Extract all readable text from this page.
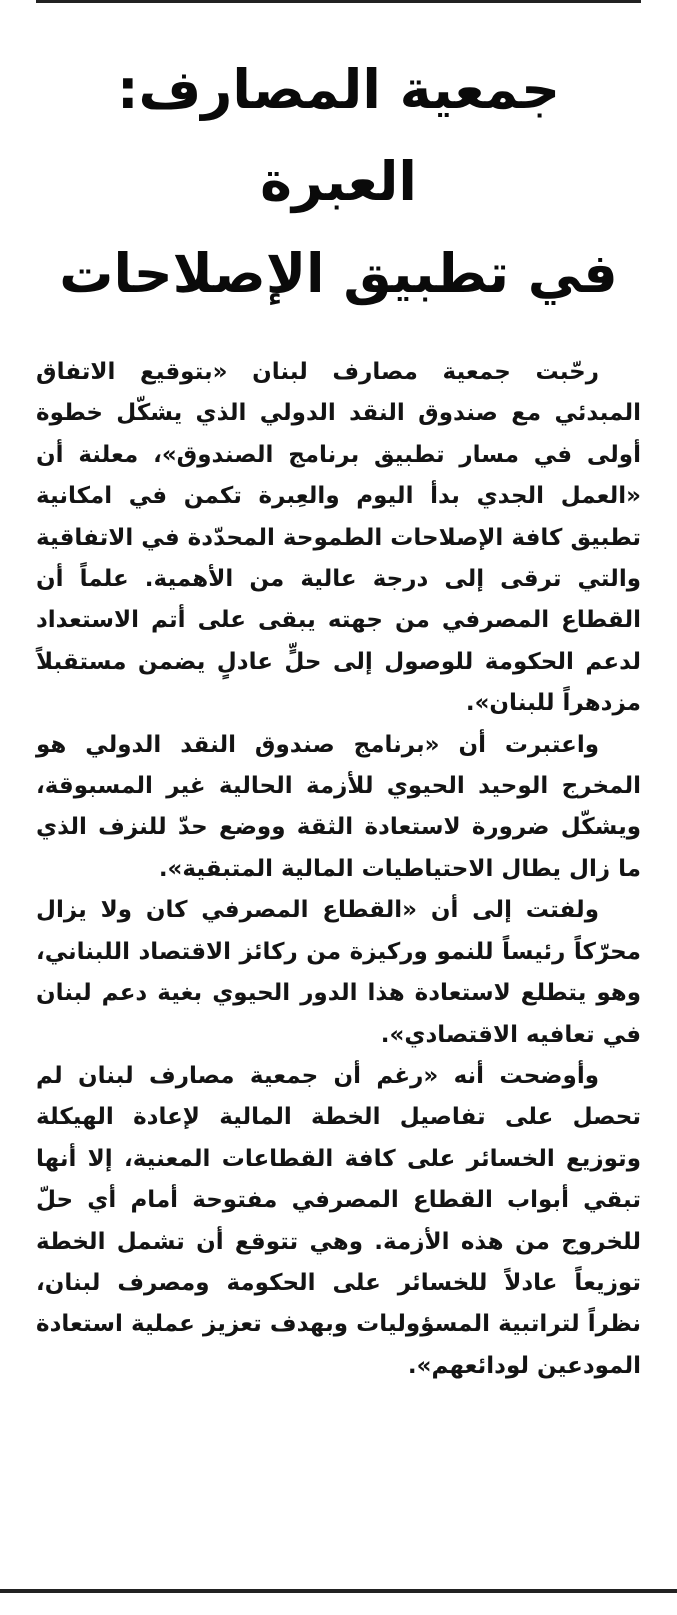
جمعية المصارف: العبرة
في تطبيق الإصلاحات

رحّبت جمعية مصارف لبنان «بتوقيع الاتفاق المبدئي مع صندوق النقد الدولي الذي يشكّل خطوة أولى في مسار تطبيق برنامج الصندوق»، معلنة أن «العمل الجدي بدأ اليوم والعِبرة تكمن في امكانية تطبيق كافة الإصلاحات الطموحة المحدّدة في الاتفاقية والتي ترقى إلى درجة عالية من الأهمية. علماً أن القطاع المصرفي من جهته يبقى على أتم الاستعداد لدعم الحكومة للوصول إلى حلٍّ عادلٍ يضمن مستقبلاً مزدهراً للبنان».

واعتبرت أن «برنامج صندوق النقد الدولي هو المخرج الوحيد الحيوي للأزمة الحالية غير المسبوقة، ويشكّل ضرورة لاستعادة الثقة ووضع حدّ للنزف الذي ما زال يطال الاحتياطيات المالية المتبقية».

ولفتت إلى أن «القطاع المصرفي كان ولا يزال محرّكاً رئيساً للنمو وركيزة من ركائز الاقتصاد اللبناني، وهو يتطلع لاستعادة هذا الدور الحيوي بغية دعم لبنان في تعافيه الاقتصادي».

وأوضحت أنه «رغم أن جمعية مصارف لبنان لم تحصل على تفاصيل الخطة المالية لإعادة الهيكلة وتوزيع الخسائر على كافة القطاعات المعنية، إلا أنها تبقي أبواب القطاع المصرفي مفتوحة أمام أي حلّ للخروج من هذه الأزمة. وهي تتوقع أن تشمل الخطة توزيعاً عادلاً للخسائر على الحكومة ومصرف لبنان، نظراً لتراتبية المسؤوليات وبهدف تعزيز عملية استعادة المودعين لودائعهم».
